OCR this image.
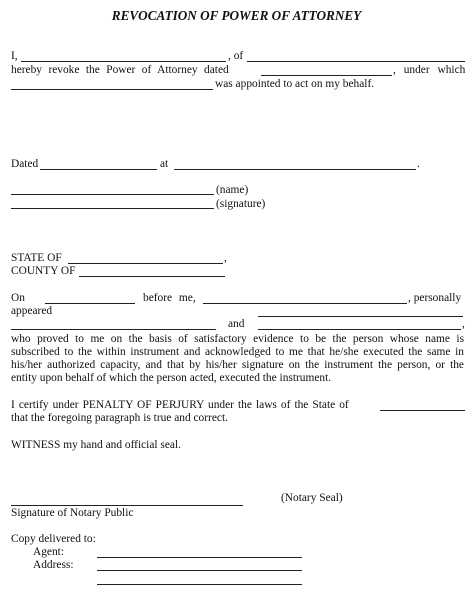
REVOCATION OF POWER OF ATTORNEY
I,	, of
hereby revoke the Power of Attorney dated	, under which
was appointed to act on my behalf.
Dated	at	.
(name)
(signature)
STATE OF	,
COUNTY OF
On	before me,	, personally
appeared
and	,
who proved to me on the basis of satisfactory evidence to be the person whose name is
subscribed to the within instrument and acknowledged to me that he/she executed the same in
his/her authorized capacity, and that by his/her signature on the instrument the person, or the
entity upon behalf of which the person acted, executed the instrument.
I certify under PENALTY OF PERJURY under the laws of the State of
that the foregoing paragraph is true and correct.
WITNESS my hand and official seal.
(Notary Seal)
Signature of Notary Public
Copy delivered to:
Agent:
Address:
